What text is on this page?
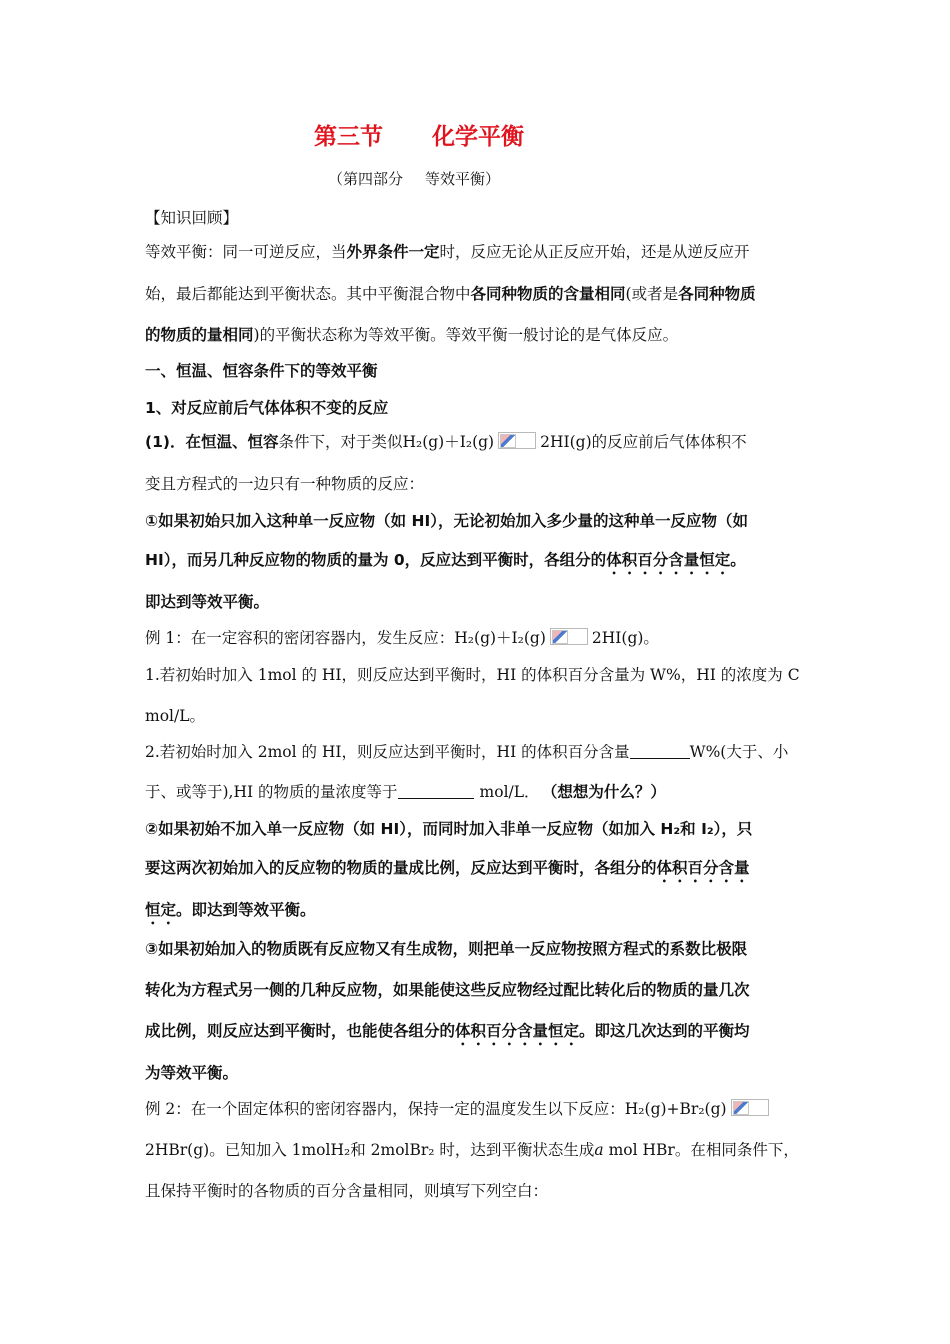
第三节 化学平衡
（第四部分 等效平衡）
【知识回顾】
等效平衡：同一可逆反应，当外界条件一定时，反应无论从正反应开始，还是从逆反应开
始，最后都能达到平衡状态。其中平衡混合物中各同种物质的含量相同(或者是各同种物质
的物质的量相同)的平衡状态称为等效平衡。等效平衡一般讨论的是气体反应。
一、恒温、恒容条件下的等效平衡
1、对反应前后气体体积不变的反应
(1)．在恒温、恒容条件下，对于类似H₂(g)＋I₂(g)	2HI(g)的反应前后气体体积不
变且方程式的一边只有一种物质的反应：
①如果初始只加入这种单一反应物（如 HI），无论初始加入多少量的这种单一反应物（如
HI），而另几种反应物的物质的量为 0，反应达到平衡时，各组分的体积百分含量恒定。
即达到等效平衡。
例 1：在一定容积的密闭容器内，发生反应：H₂(g)＋I₂(g)	2HI(g)。
1.若初始时加入 1mol 的 HI，则反应达到平衡时，HI 的体积百分含量为 W%，HI 的浓度为 C
mol/L。
2.若初始时加入 2mol 的 HI，则反应达到平衡时，HI 的体积百分含量	W%(大于、小
于、或等于),HI 的物质的量浓度等于	mol/L． （想想为什么？）
②如果初始不加入单一反应物（如 HI），而同时加入非单一反应物（如加入 H₂和 I₂），只
要这两次初始加入的反应物的物质的量成比例，反应达到平衡时，各组分的体积百分含量
恒定。即达到等效平衡。
③如果初始加入的物质既有反应物又有生成物，则把单一反应物按照方程式的系数比极限
转化为方程式另一侧的几种反应物，如果能使这些反应物经过配比转化后的物质的量几次
成比例，则反应达到平衡时，也能使各组分的体积百分含量恒定。即这几次达到的平衡均
为等效平衡。
例 2：在一个固定体积的密闭容器内，保持一定的温度发生以下反应：H₂(g)+Br₂(g)
2HBr(g)。已知加入 1molH₂和 2molBr₂ 时，达到平衡状态生成a mol HBr。在相同条件下，
且保持平衡时的各物质的百分含量相同，则填写下列空白：
